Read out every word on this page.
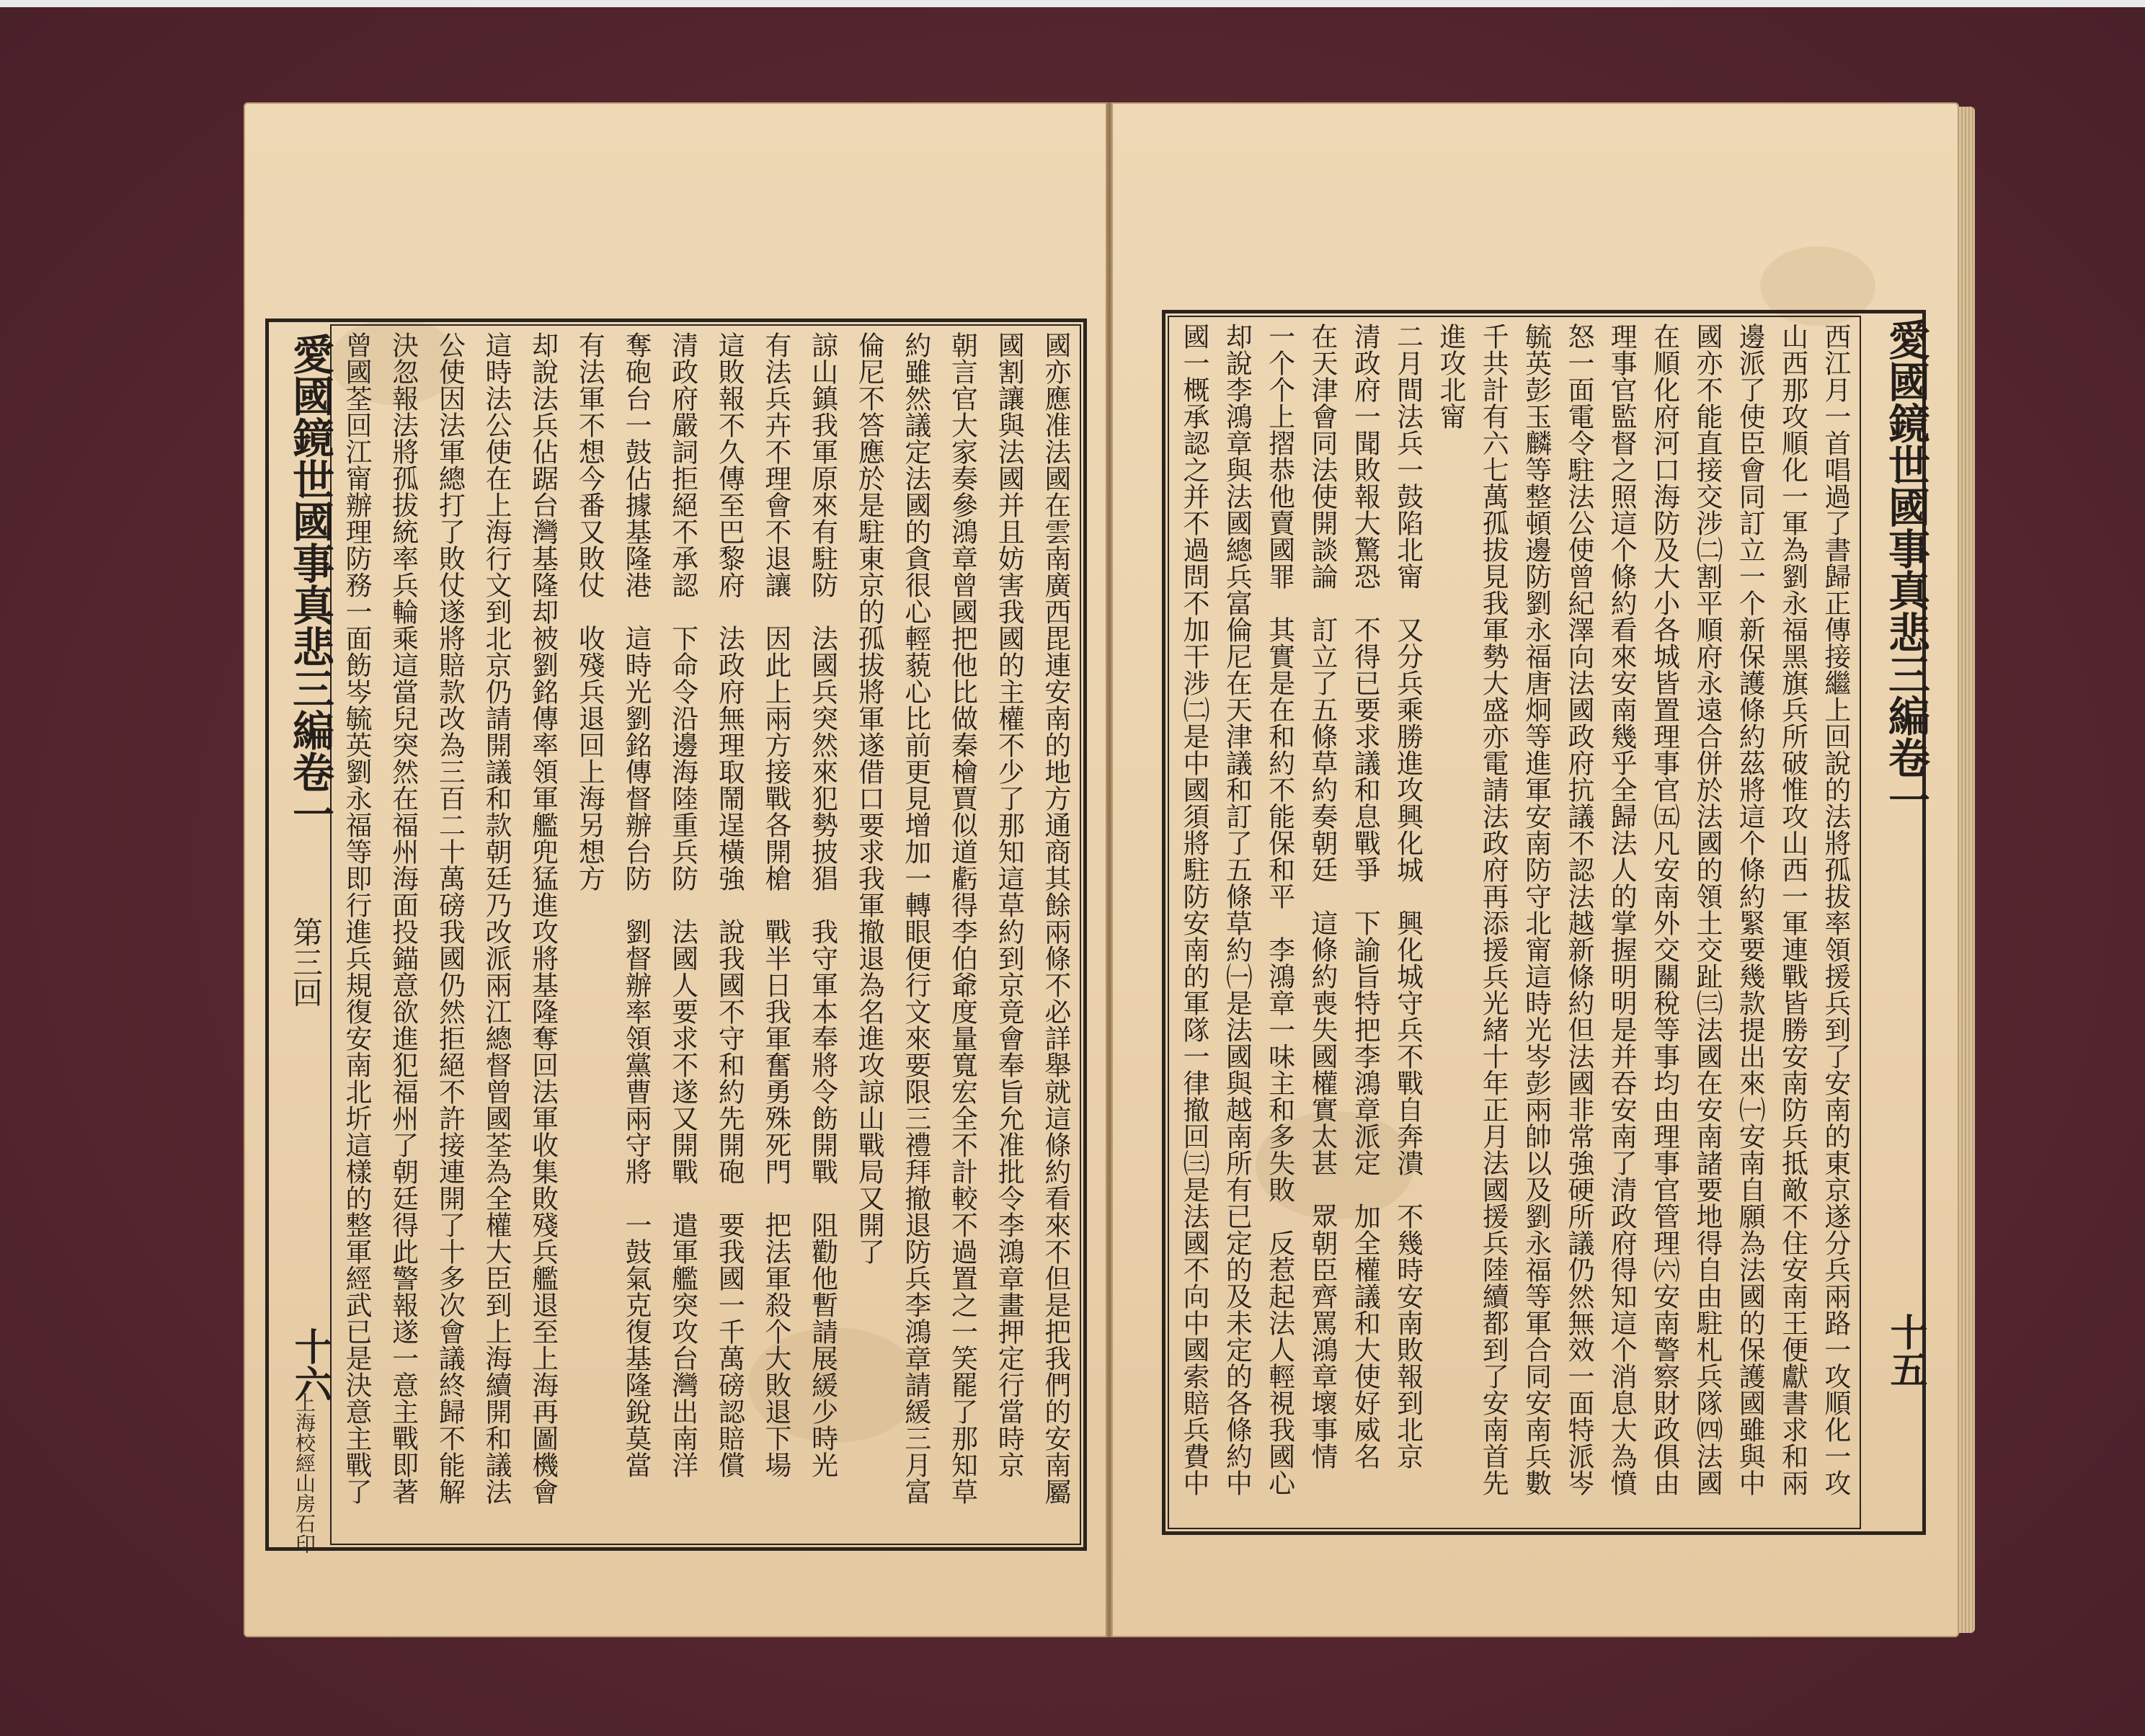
國亦應准法國在雲南廣西毘連安南的地方通商其餘兩條不必詳舉就這條約看來不但是把我們的安南屬
國割讓與法國并且妨害我國的主權不少了那知這草約到京竟會奉旨允准批令李鴻章畫押定行當時京
朝言官大家奏參鴻章曾國把他比做秦檜賈似道虧得李伯爺度量寬宏全不計較不過置之一笑罷了那知草
約雖然議定法國的貪很心輕藐心比前更見增加一轉眼便行文來要限三禮拜撤退防兵李鴻章請緩三月富
倫尼不答應於是駐東京的孤拔將軍遂借口要求我軍撤退為名進攻諒山戰局又開了
諒山鎮我軍原來有駐防　法國兵突然來犯勢披猖　我守軍本奉將令飭開戰　阻勸他暫請展緩少時光
有法兵卉不理會不退讓　因此上兩方接戰各開槍　戰半日我軍奮勇殊死門　把法軍殺个大敗退下場
這敗報不久傳至巴黎府　法政府無理取鬧逞橫強　說我國不守和約先開砲　要我國一千萬磅認賠償
清政府嚴詞拒絕不承認　下命令沿邊海陸重兵防　法國人要求不遂又開戰　遣軍艦突攻台灣出南洋
奪砲台一鼓佔據基隆港　這時光劉銘傳督辦台防　劉督辦率領黨曹兩守將　一鼓氣克復基隆銳莫當
有法軍不想今番又敗仗　收殘兵退回上海另想方
却說法兵佔踞台灣基隆却被劉銘傳率領軍艦兜猛進攻將基隆奪回法軍收集敗殘兵艦退至上海再圖機會
這時法公使在上海行文到北京仍請開議和款朝廷乃改派兩江總督曾國荃為全權大臣到上海續開和議法
公使因法軍總打了敗仗遂將賠款改為三百二十萬磅我國仍然拒絕不許接連開了十多次會議終歸不能解
決忽報法將孤拔統率兵輪乘這當兒突然在福州海面投錨意欲進犯福州了朝廷得此警報遂一意主戰即著
曾國荃回江甯辦理防務一面飭岑毓英劉永福等即行進兵規復安南北圻這樣的整軍經武已是決意主戰了
愛國鏡世國事真悲三編卷一
第三回
十六
上海校經山房石印	西江月一首唱過了書歸正傳接繼上回說的法將孤拔率領援兵到了安南的東京遂分兵兩路一攻順化一攻
山西那攻順化一軍為劉永福黑旗兵所破惟攻山西一軍連戰皆勝安南防兵抵敵不住安南王便獻書求和兩
邊派了使臣會同訂立一个新保護條約茲將這个條約緊要幾款提出來㈠安南自願為法國的保護國雖與中
國亦不能直接交涉㈡割平順府永遠合併於法國的領土交趾㈢法國在安南諸要地得自由駐札兵隊㈣法國
在順化府河口海防及大小各城皆置理事官㈤凡安南外交關稅等事均由理事官管理㈥安南警察財政俱由
理事官監督之照這个條約看來安南幾乎全歸法人的掌握明明是并吞安南了清政府得知這个消息大為憤
怒一面電令駐法公使曾紀澤向法國政府抗議不認法越新條約但法國非常強硬所議仍然無效一面特派岑
毓英彭玉麟等整頓邊防劉永福唐炯等進軍安南防守北甯這時光岑彭兩帥以及劉永福等軍合同安南兵數
千共計有六七萬孤拔見我軍勢大盛亦電請法政府再添援兵光緒十年正月法國援兵陸續都到了安南首先
進攻北甯
二月間法兵一鼓陷北甯　又分兵乘勝進攻興化城　興化城守兵不戰自奔潰　不幾時安南敗報到北京
清政府一聞敗報大驚恐　不得已要求議和息戰爭　下諭旨特把李鴻章派定　加全權議和大使好威名
在天津會同法使開談論　訂立了五條草約奏朝廷　這條約喪失國權實太甚　眾朝臣齊罵鴻章壞事情
一个个上摺恭他賣國罪　其實是在和約不能保和平　李鴻章一味主和多失敗　反惹起法人輕視我國心
却說李鴻章與法國總兵富倫尼在天津議和訂了五條草約㈠是法國與越南所有已定的及未定的各條約中
國一概承認之并不過問不加干涉㈡是中國須將駐防安南的軍隊一律撤回㈢是法國不向中國索賠兵費中	愛國鏡世國事真悲三編卷一
十五
